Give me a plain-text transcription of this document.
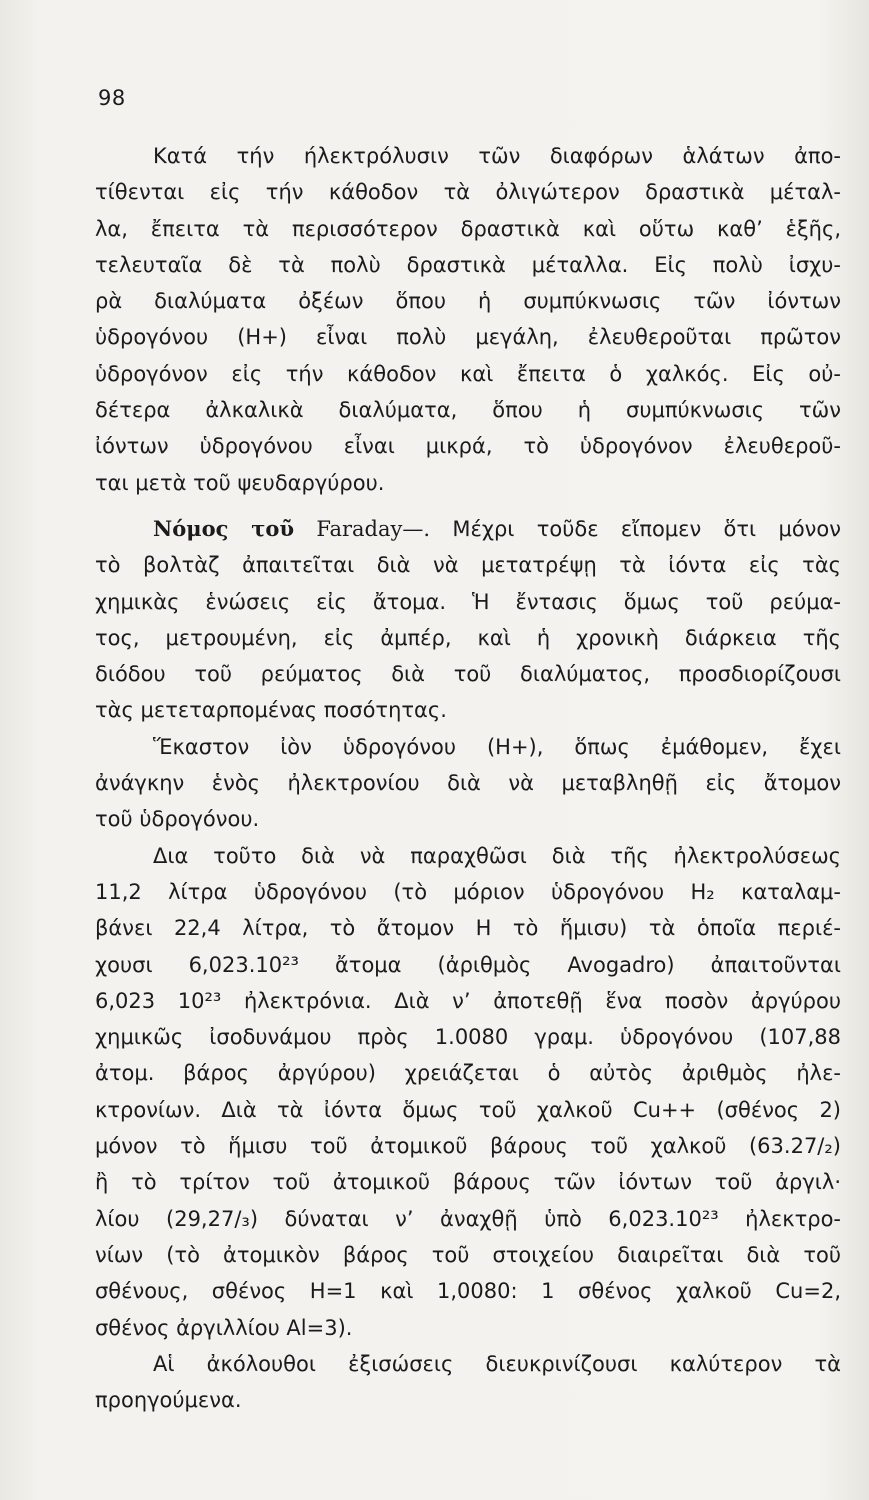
98
Κατά τήν ήλεκτρόλυσιν τῶν διαφόρων ἁλάτων ἀπο-
τίθενται εἰς τήν κάθοδον τὰ ὀλιγώτερον δραστικὰ μέταλ-
λα, ἔπειτα τὰ περισσότερον δραστικὰ καὶ οὕτω καθ’ ἑξῆς,
τελευταῖα δὲ τὰ πολὺ δραστικὰ μέταλλα. Εἰς πολὺ ἰσχυ-
ρὰ διαλύματα ὀξέων ὅπου ἡ συμπύκνωσις τῶν ἰόντων
ὑδρογόνου (Η+) εἶναι πολὺ μεγάλη, ἐλευθεροῦται πρῶτον
ὑδρογόνον εἰς τήν κάθοδον καὶ ἔπειτα ὁ χαλκός. Εἰς οὐ-
δέτερα ἀλκαλικὰ διαλύματα, ὅπου ἡ συμπύκνωσις τῶν
ἰόντων ὑδρογόνου εἶναι μικρά, τὸ ὑδρογόνον ἐλευθεροῦ-
ται μετὰ τοῦ ψευδαργύρου.
Νόμος τοῦ Faraday—. Μέχρι τοῦδε εἴπομεν ὅτι μόνον
τὸ βολτὰζ ἀπαιτεῖται διὰ νὰ μετατρέψῃ τὰ ἰόντα εἰς τὰς
χημικὰς ἑνώσεις εἰς ἄτομα. Ἡ ἔντασις ὅμως τοῦ ρεύμα-
τος, μετρουμένη, εἰς ἀμπέρ, καὶ ἡ χρονικὴ διάρκεια τῆς
διόδου τοῦ ρεύματος διὰ τοῦ διαλύματος, προσδιορίζουσι
τὰς μετεταρπομένας ποσότητας.
Ἕκαστον ἰὸν ὑδρογόνου (Η+), ὅπως ἐμάθομεν, ἔχει
ἀνάγκην ἑνὸς ἠλεκτρονίου διὰ νὰ μεταβληθῇ εἰς ἄτομον
τοῦ ὑδρογόνου.
Δια τοῦτο διὰ νὰ παραχθῶσι διὰ τῆς ἠλεκτρολύσεως
11,2 λίτρα ὑδρογόνου (τὸ μόριον ὑδρογόνου Η₂ καταλαμ-
βάνει 22,4 λίτρα, τὸ ἄτομον Η τὸ ἥμισυ) τὰ ὁποῖα περιέ-
χουσι 6,023.10²³ ἄτομα (ἀριθμὸς Avogadro) ἀπαιτοῦνται
6,023 10²³ ἠλεκτρόνια. Διὰ ν’ ἀποτεθῇ ἕνα ποσὸν ἀργύρου
χημικῶς ἰσοδυνάμου πρὸς 1.0080 γραμ. ὑδρογόνου (107,88
ἀτομ. βάρος ἀργύρου) χρειάζεται ὁ αὐτὸς ἀριθμὸς ἠλε-
κτρονίων. Διὰ τὰ ἰόντα ὅμως τοῦ χαλκοῦ Cu++ (σθένος 2)
μόνον τὸ ἥμισυ τοῦ ἀτομικοῦ βάρους τοῦ χαλκοῦ (63.27/₂)
ἢ τὸ τρίτον τοῦ ἀτομικοῦ βάρους τῶν ἰόντων τοῦ ἀργιλ·
λίου (29,27/₃) δύναται ν’ ἀναχθῇ ὑπὸ 6,023.10²³ ἠλεκτρο-
νίων (τὸ ἀτομικὸν βάρος τοῦ στοιχείου διαιρεῖται διὰ τοῦ
σθένους, σθένος Η=1 καὶ 1,0080: 1 σθένος χαλκοῦ Cu=2,
σθένος ἀργιλλίου Al=3).
Αἱ ἀκόλουθοι ἐξισώσεις διευκρινίζουσι καλύτερον τὰ
προηγούμενα.
